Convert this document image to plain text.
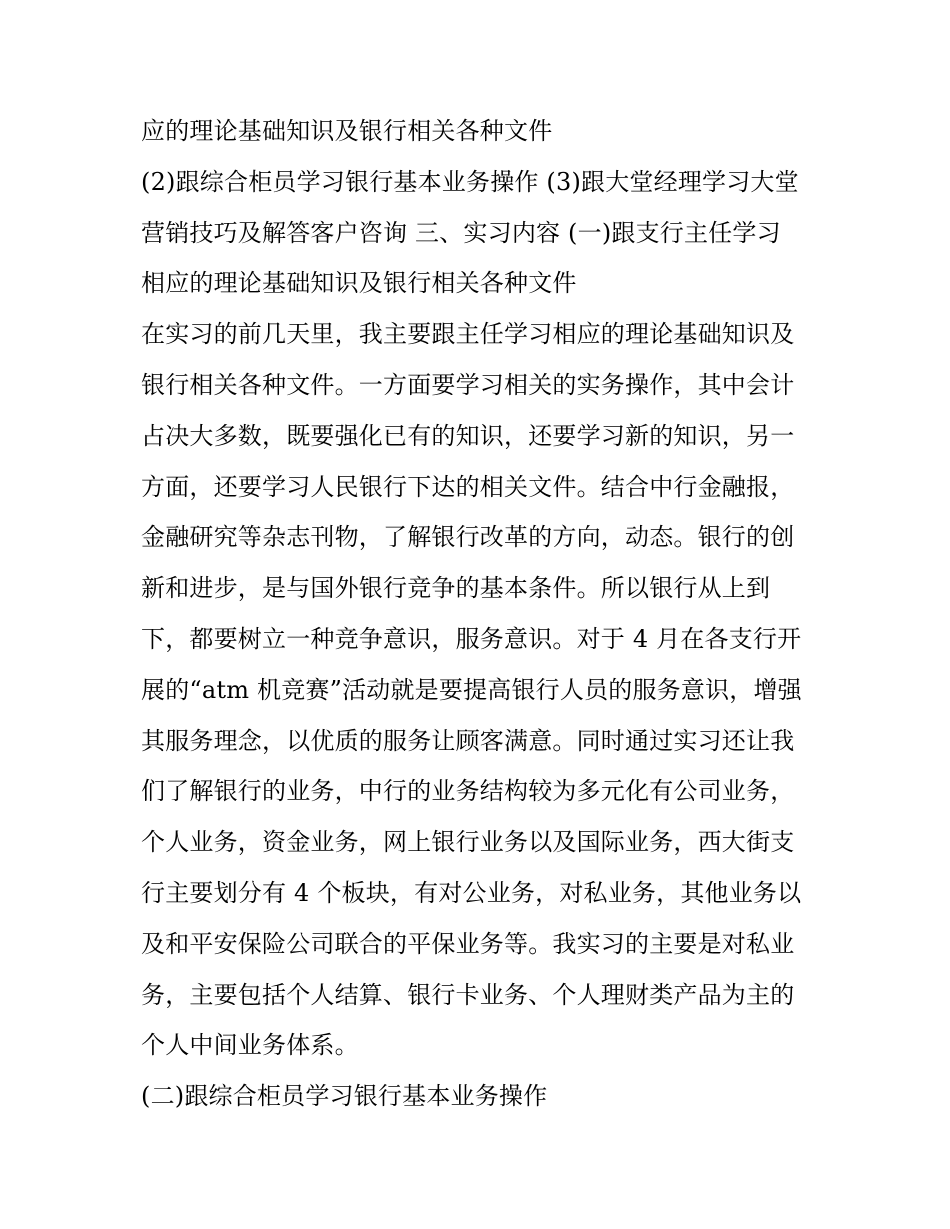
应的理论基础知识及银行相关各种文件
(2)跟综合柜员学习银行基本业务操作 (3)跟大堂经理学习大堂
营销技巧及解答客户咨询 三、实习内容 (一)跟支行主任学习
相应的理论基础知识及银行相关各种文件
在实习的前几天里，我主要跟主任学习相应的理论基础知识及
银行相关各种文件。一方面要学习相关的实务操作，其中会计
占决大多数，既要强化已有的知识，还要学习新的知识，另一
方面，还要学习人民银行下达的相关文件。结合中行金融报，
金融研究等杂志刊物，了解银行改革的方向，动态。银行的创
新和进步，是与国外银行竞争的基本条件。所以银行从上到
下，都要树立一种竞争意识，服务意识。对于 4 月在各支行开
展的“atm 机竞赛”活动就是要提高银行人员的服务意识，增强
其服务理念，以优质的服务让顾客满意。同时通过实习还让我
们了解银行的业务，中行的业务结构较为多元化有公司业务，
个人业务，资金业务，网上银行业务以及国际业务，西大街支
行主要划分有 4 个板块，有对公业务，对私业务，其他业务以
及和平安保险公司联合的平保业务等。我实习的主要是对私业
务，主要包括个人结算、银行卡业务、个人理财类产品为主的
个人中间业务体系。
(二)跟综合柜员学习银行基本业务操作
